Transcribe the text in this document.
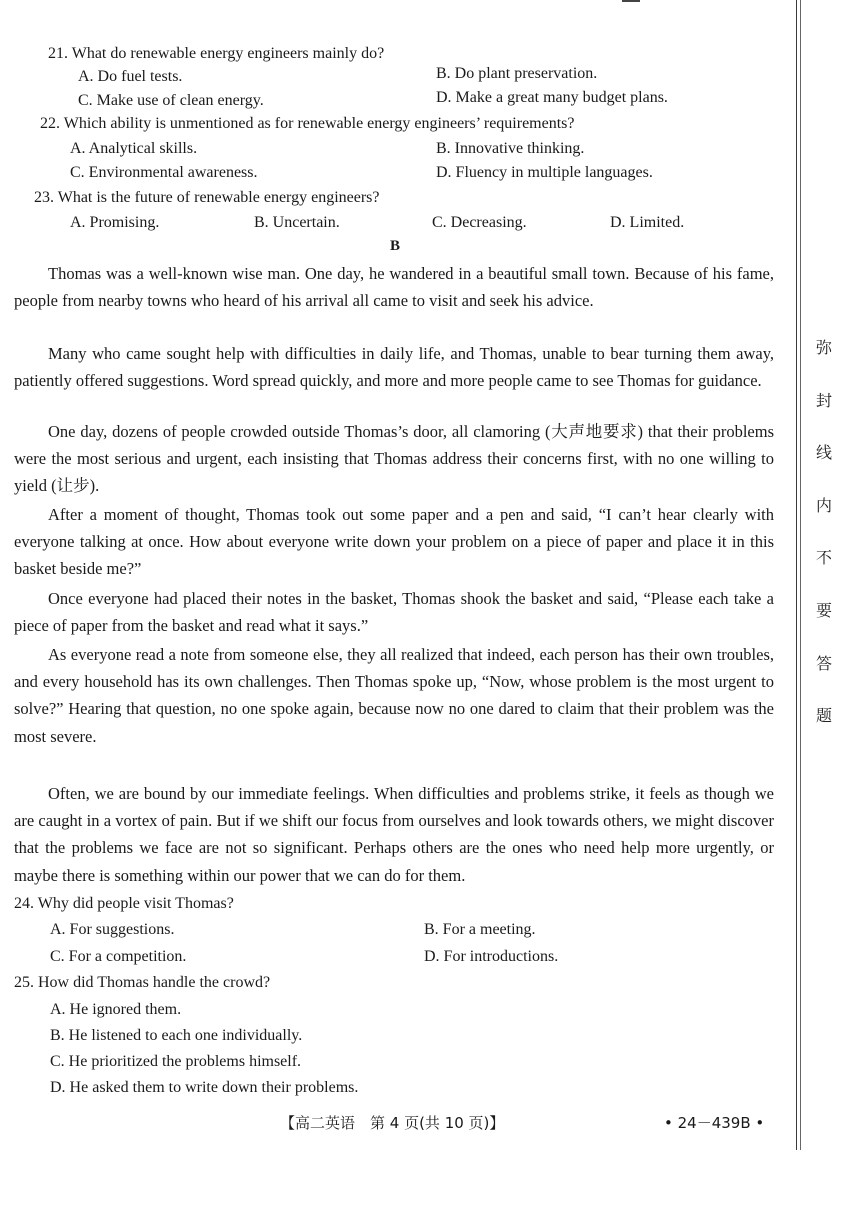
21. What do renewable energy engineers mainly do?
A. Do fuel tests.	B. Do plant preservation.
C. Make use of clean energy.	D. Make a great many budget plans.
22. Which ability is unmentioned as for renewable energy engineers’ requirements?
A. Analytical skills.	B. Innovative thinking.
C. Environmental awareness.	D. Fluency in multiple languages.
23. What is the future of renewable energy engineers?
A. Promising.	B. Uncertain.	C. Decreasing.	D. Limited.
B
Thomas was a well-known wise man. One day, he wandered in a beautiful small town. Because of his fame, people from nearby towns who heard of his arrival all came to visit and seek his advice.
Many who came sought help with difficulties in daily life, and Thomas, unable to bear turning them away, patiently offered suggestions. Word spread quickly, and more and more people came to see Thomas for guidance.
One day, dozens of people crowded outside Thomas’s door, all clamoring (大声地要求) that their problems were the most serious and urgent, each insisting that Thomas address their concerns first, with no one willing to yield (让步).
After a moment of thought, Thomas took out some paper and a pen and said, “I can’t hear clearly with everyone talking at once. How about everyone write down your problem on a piece of paper and place it in this basket beside me?”
Once everyone had placed their notes in the basket, Thomas shook the basket and said, “Please each take a piece of paper from the basket and read what it says.”
As everyone read a note from someone else, they all realized that indeed, each person has their own troubles, and every household has its own challenges. Then Thomas spoke up, “Now, whose problem is the most urgent to solve?” Hearing that question, no one spoke again, because now no one dared to claim that their problem was the most severe.
Often, we are bound by our immediate feelings. When difficulties and problems strike, it feels as though we are caught in a vortex of pain. But if we shift our focus from ourselves and look towards others, we might discover that the problems we face are not so significant. Perhaps others are the ones who need help more urgently, or maybe there is something within our power that we can do for them.
24. Why did people visit Thomas?
A. For suggestions.	B. For a meeting.
C. For a competition.	D. For introductions.
25. How did Thomas handle the crowd?
A. He ignored them.
B. He listened to each one individually.
C. He prioritized the problems himself.
D. He asked them to write down their problems.
【高二英语　第 4 页(共 10 页)】	• 24－439B •
弥
封
线
内
不
要
答
题
